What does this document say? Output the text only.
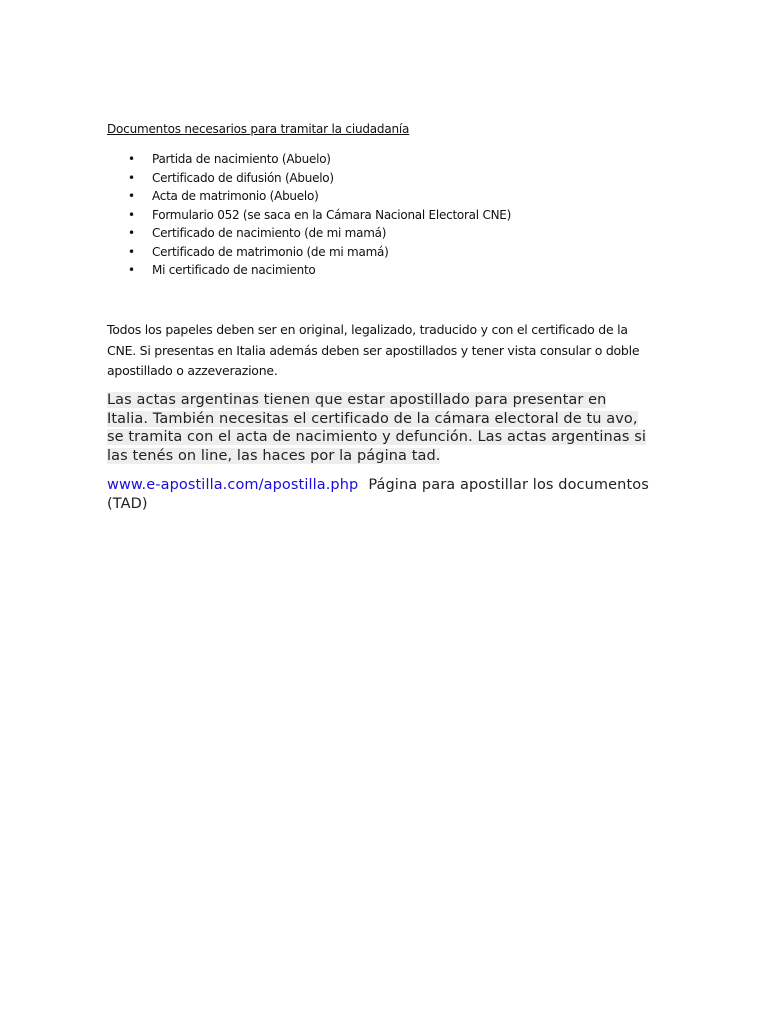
Documentos necesarios para tramitar la ciudadanía
• Partida de nacimiento (Abuelo)
• Certificado de difusión (Abuelo)
• Acta de matrimonio (Abuelo)
• Formulario 052 (se saca en la Cámara Nacional Electoral CNE)
• Certificado de nacimiento (de mi mamá)
• Certificado de matrimonio (de mi mamá)
• Mi certificado de nacimiento

Todos los papeles deben ser en original, legalizado, traducido y con el certificado de la CNE. Si presentas en Italia además deben ser apostillados y tener vista consular o doble apostillado o azzeverazione.

Las actas argentinas tienen que estar apostillado para presentar en Italia. También necesitas el certificado de la cámara electoral de tu avo, se tramita con el acta de nacimiento y defunción. Las actas argentinas si las tenés on line, las haces por la página tad.

www.e-apostilla.com/apostilla.php Página para apostillar los documentos (TAD)
